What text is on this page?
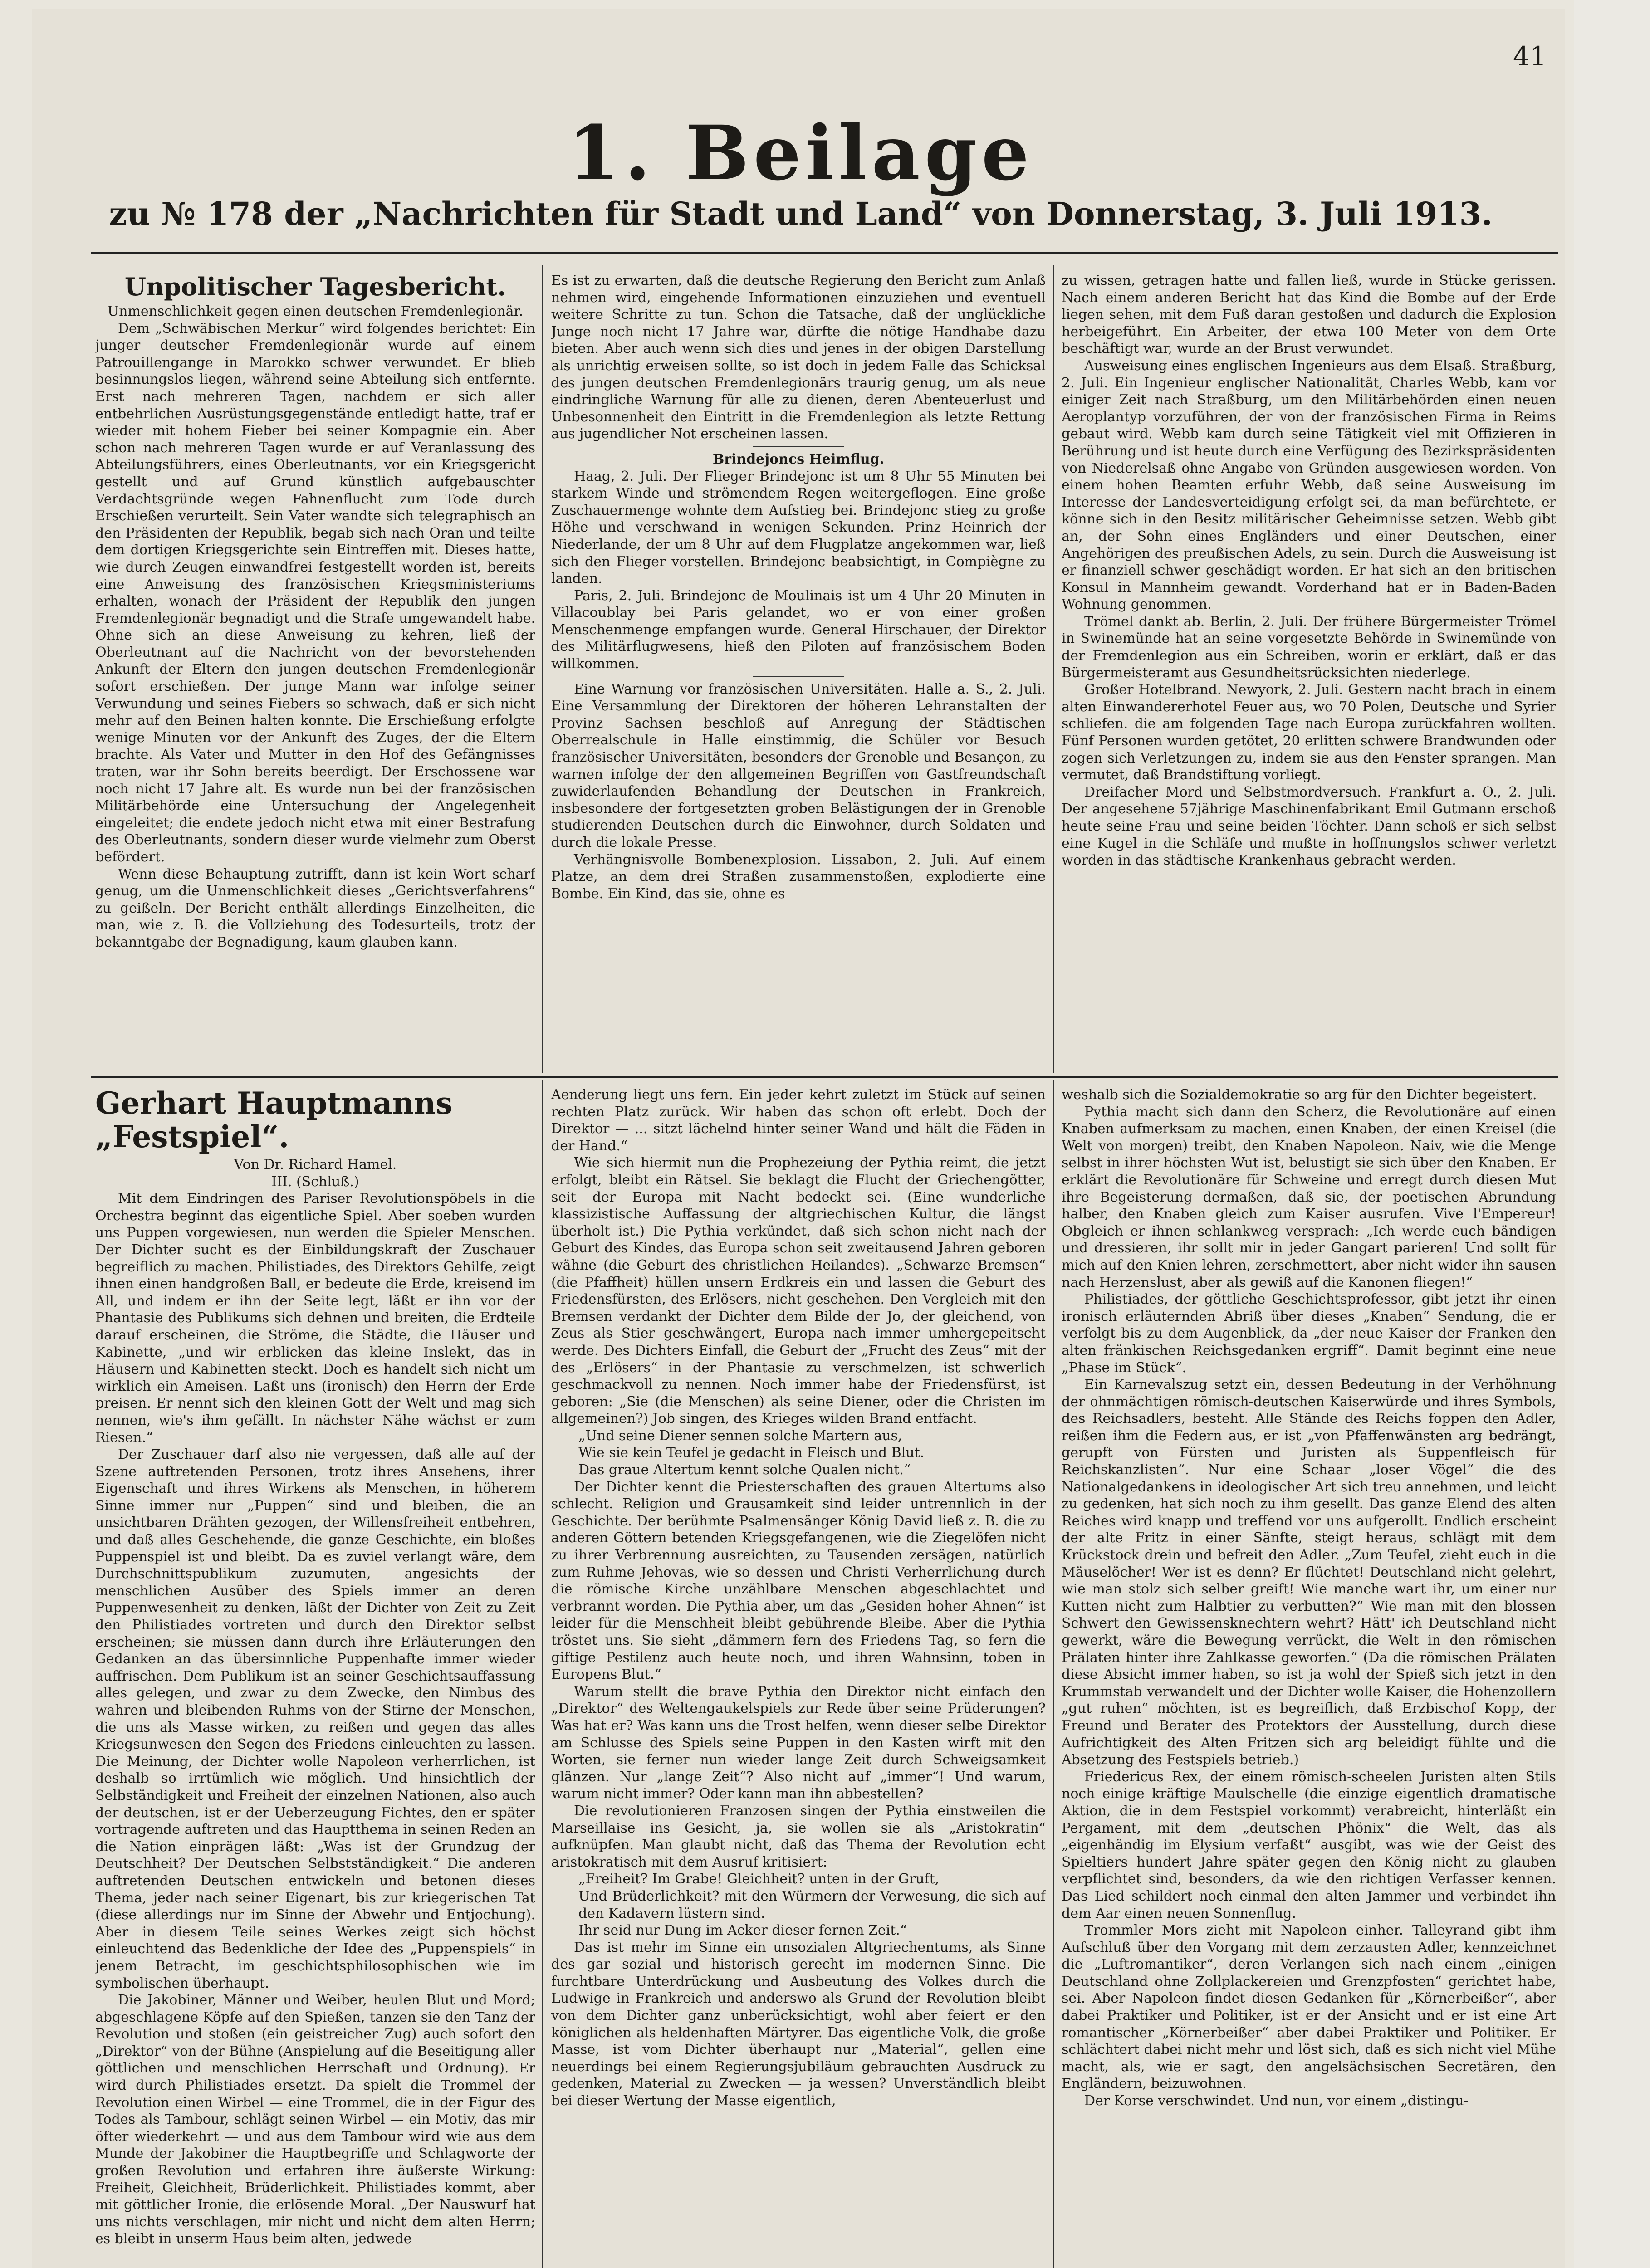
41
1. Beilage
zu № 178 der „Nachrichten für Stadt und Land“ von Donnerstag, 3. Juli 1913.
Unpolitischer Tagesbericht.

Unmenschlichkeit gegen einen deutschen Fremdenlegionär.

Dem „Schwäbischen Merkur“ wird folgendes berichtet: Ein junger deutscher Fremdenlegionär wurde auf einem Patrouillengange in Marokko schwer verwundet. Er blieb besinnungslos liegen, während seine Abteilung sich entfernte. Erst nach mehreren Tagen, nachdem er sich aller entbehrlichen Ausrüstungsgegenstände entledigt hatte, traf er wieder mit hohem Fieber bei seiner Kompagnie ein. Aber schon nach mehreren Tagen wurde er auf Veranlassung des Abteilungsführers, eines Oberleutnants, vor ein Kriegsgericht gestellt und auf Grund künstlich aufgebauschter Verdachtsgründe wegen Fahnenflucht zum Tode durch Erschießen verurteilt. Sein Vater wandte sich telegraphisch an den Präsidenten der Republik, begab sich nach Oran und teilte dem dortigen Kriegsgerichte sein Eintreffen mit. Dieses hatte, wie durch Zeugen einwandfrei festgestellt worden ist, bereits eine Anweisung des französischen Kriegsministeriums erhalten, wonach der Präsident der Republik den jungen Fremdenlegionär begnadigt und die Strafe umgewandelt habe. Ohne sich an diese Anweisung zu kehren, ließ der Oberleutnant auf die Nachricht von der bevorstehenden Ankunft der Eltern den jungen deutschen Fremdenlegionär sofort erschießen. Der junge Mann war infolge seiner Verwundung und seines Fiebers so schwach, daß er sich nicht mehr auf den Beinen halten konnte. Die Erschießung erfolgte wenige Minuten vor der Ankunft des Zuges, der die Eltern brachte. Als Vater und Mutter in den Hof des Gefängnisses traten, war ihr Sohn bereits beerdigt. Der Erschossene war noch nicht 17 Jahre alt. Es wurde nun bei der französischen Militärbehörde eine Untersuchung der Angelegenheit eingeleitet; die endete jedoch nicht etwa mit einer Bestrafung des Oberleutnants, sondern dieser wurde vielmehr zum Oberst befördert.

Wenn diese Behauptung zutrifft, dann ist kein Wort scharf genug, um die Unmenschlichkeit dieses „Gerichtsverfahrens“ zu geißeln. Der Bericht enthält allerdings Einzelheiten, die man, wie z. B. die Vollziehung des Todesurteils, trotz der bekanntgabe der Begnadigung, kaum glauben kann.

Es ist zu erwarten, daß die deutsche Regierung den Bericht zum Anlaß nehmen wird, eingehende Informationen einzuziehen und eventuell weitere Schritte zu tun. Schon die Tatsache, daß der unglückliche Junge noch nicht 17 Jahre war, dürfte die nötige Handhabe dazu bieten. Aber auch wenn sich dies und jenes in der obigen Darstellung als unrichtig erweisen sollte, so ist doch in jedem Falle das Schicksal des jungen deutschen Fremdenlegionärs traurig genug, um als neue eindringliche Warnung für alle zu dienen, deren Abenteuerlust und Unbesonnenheit den Eintritt in die Fremdenlegion als letzte Rettung aus jugendlicher Not erscheinen lassen.

Brindejoncs Heimflug.

Haag, 2. Juli. Der Flieger Brindejonc ist um 8 Uhr 55 Minuten bei starkem Winde und strömendem Regen weitergeflogen. Eine große Zuschauermenge wohnte dem Aufstieg bei. Brindejonc stieg zu große Höhe und verschwand in wenigen Sekunden. Prinz Heinrich der Niederlande, der um 8 Uhr auf dem Flugplatze angekommen war, ließ sich den Flieger vorstellen. Brindejonc beabsichtigt, in Compiègne zu landen.

Paris, 2. Juli. Brindejonc de Moulinais ist um 4 Uhr 20 Minuten in Villacoublay bei Paris gelandet, wo er von einer großen Menschenmenge empfangen wurde. General Hirschauer, der Direktor des Militärflugwesens, hieß den Piloten auf französischem Boden willkommen.

Eine Warnung vor französischen Universitäten. Halle a. S., 2. Juli. Eine Versammlung der Direktoren der höheren Lehranstalten der Provinz Sachsen beschloß auf Anregung der Städtischen Oberrealschule in Halle einstimmig, die Schüler vor Besuch französischer Universitäten, besonders der Grenoble und Besançon, zu warnen infolge der den allgemeinen Begriffen von Gastfreundschaft zuwiderlaufenden Behandlung der Deutschen in Frankreich, insbesondere der fortgesetzten groben Belästigungen der in Grenoble studierenden Deutschen durch die Einwohner, durch Soldaten und durch die lokale Presse.

Verhängnisvolle Bombenexplosion. Lissabon, 2. Juli. Auf einem Platze, an dem drei Straßen zusammenstoßen, explodierte eine Bombe. Ein Kind, das sie, ohne es

zu wissen, getragen hatte und fallen ließ, wurde in Stücke gerissen. Nach einem anderen Bericht hat das Kind die Bombe auf der Erde liegen sehen, mit dem Fuß daran gestoßen und dadurch die Explosion herbeigeführt. Ein Arbeiter, der etwa 100 Meter von dem Orte beschäftigt war, wurde an der Brust verwundet.

Ausweisung eines englischen Ingenieurs aus dem Elsaß. Straßburg, 2. Juli. Ein Ingenieur englischer Nationalität, Charles Webb, kam vor einiger Zeit nach Straßburg, um den Militärbehörden einen neuen Aeroplantyp vorzuführen, der von der französischen Firma in Reims gebaut wird. Webb kam durch seine Tätigkeit viel mit Offizieren in Berührung und ist heute durch eine Verfügung des Bezirkspräsidenten von Niederelsaß ohne Angabe von Gründen ausgewiesen worden. Von einem hohen Beamten erfuhr Webb, daß seine Ausweisung im Interesse der Landesverteidigung erfolgt sei, da man befürchtete, er könne sich in den Besitz militärischer Geheimnisse setzen. Webb gibt an, der Sohn eines Engländers und einer Deutschen, einer Angehörigen des preußischen Adels, zu sein. Durch die Ausweisung ist er finanziell schwer geschädigt worden. Er hat sich an den britischen Konsul in Mannheim gewandt. Vorderhand hat er in Baden-Baden Wohnung genommen.

Trömel dankt ab. Berlin, 2. Juli. Der frühere Bürgermeister Trömel in Swinemünde hat an seine vorgesetzte Behörde in Swinemünde von der Fremdenlegion aus ein Schreiben, worin er erklärt, daß er das Bürgermeisteramt aus Gesundheitsrücksichten niederlege.

Großer Hotelbrand. Newyork, 2. Juli. Gestern nacht brach in einem alten Einwandererhotel Feuer aus, wo 70 Polen, Deutsche und Syrier schliefen. die am folgenden Tage nach Europa zurückfahren wollten. Fünf Personen wurden getötet, 20 erlitten schwere Brandwunden oder zogen sich Verletzungen zu, indem sie aus den Fenster sprangen. Man vermutet, daß Brandstiftung vorliegt.

Dreifacher Mord und Selbstmordversuch. Frankfurt a. O., 2. Juli. Der angesehene 57jährige Maschinenfabrikant Emil Gutmann erschoß heute seine Frau und seine beiden Töchter. Dann schoß er sich selbst eine Kugel in die Schläfe und mußte in hoffnungslos schwer verletzt worden in das städtische Krankenhaus gebracht werden.

Gerhart Hauptmanns „Festspiel“.

Von Dr. Richard Hamel.

III. (Schluß.)

Mit dem Eindringen des Pariser Revolutionspöbels in die Orchestra beginnt das eigentliche Spiel. Aber soeben wurden uns Puppen vorgewiesen, nun werden die Spieler Menschen. Der Dichter sucht es der Einbildungskraft der Zuschauer begreiflich zu machen. Philistiades, des Direktors Gehilfe, zeigt ihnen einen handgroßen Ball, er bedeute die Erde, kreisend im All, und indem er ihn der Seite legt, läßt er ihn vor der Phantasie des Publikums sich dehnen und breiten, die Erdteile darauf erscheinen, die Ströme, die Städte, die Häuser und Kabinette, „und wir erblicken das kleine Inslekt, das in Häusern und Kabinetten steckt. Doch es handelt sich nicht um wirklich ein Ameisen. Laßt uns (ironisch) den Herrn der Erde preisen. Er nennt sich den kleinen Gott der Welt und mag sich nennen, wie's ihm gefällt. In nächster Nähe wächst er zum Riesen.“

Der Zuschauer darf also nie vergessen, daß alle auf der Szene auftretenden Personen, trotz ihres Ansehens, ihrer Eigenschaft und ihres Wirkens als Menschen, in höherem Sinne immer nur „Puppen“ sind und bleiben, die an unsichtbaren Drähten gezogen, der Willensfreiheit entbehren, und daß alles Geschehende, die ganze Geschichte, ein bloßes Puppenspiel ist und bleibt. Da es zuviel verlangt wäre, dem Durchschnittspublikum zuzumuten, angesichts der menschlichen Ausüber des Spiels immer an deren Puppenwesenheit zu denken, läßt der Dichter von Zeit zu Zeit den Philistiades vortreten und durch den Direktor selbst erscheinen; sie müssen dann durch ihre Erläuterungen den Gedanken an das übersinnliche Puppenhafte immer wieder auffrischen. Dem Publikum ist an seiner Geschichtsauffassung alles gelegen, und zwar zu dem Zwecke, den Nimbus des wahren und bleibenden Ruhms von der Stirne der Menschen, die uns als Masse wirken, zu reißen und gegen das alles Kriegsunwesen den Segen des Friedens einleuchten zu lassen. Die Meinung, der Dichter wolle Napoleon verherrlichen, ist deshalb so irrtümlich wie möglich. Und hinsichtlich der Selbständigkeit und Freiheit der einzelnen Nationen, also auch der deutschen, ist er der Ueberzeugung Fichtes, den er später vortragende auftreten und das Hauptthema in seinen Reden an die Nation einprägen läßt: „Was ist der Grundzug der Deutschheit? Der Deutschen Selbstständigkeit.“ Die anderen auftretenden Deutschen entwickeln und betonen dieses Thema, jeder nach seiner Eigenart, bis zur kriegerischen Tat (diese allerdings nur im Sinne der Abwehr und Entjochung). Aber in diesem Teile seines Werkes zeigt sich höchst einleuchtend das Bedenkliche der Idee des „Puppenspiels“ in jenem Betracht, im geschichtsphilosophischen wie im symbolischen überhaupt.

Die Jakobiner, Männer und Weiber, heulen Blut und Mord; abgeschlagene Köpfe auf den Spießen, tanzen sie den Tanz der Revolution und stoßen (ein geistreicher Zug) auch sofort den „Direktor“ von der Bühne (Anspielung auf die Beseitigung aller göttlichen und menschlichen Herrschaft und Ordnung). Er wird durch Philistiades ersetzt. Da spielt die Trommel der Revolution einen Wirbel — eine Trommel, die in der Figur des Todes als Tambour, schlägt seinen Wirbel — ein Motiv, das mir öfter wiederkehrt — und aus dem Tambour wird wie aus dem Munde der Jakobiner die Hauptbegriffe und Schlagworte der großen Revolution und erfahren ihre äußerste Wirkung: Freiheit, Gleichheit, Brüderlichkeit. Philistiades kommt, aber mit göttlicher Ironie, die erlösende Moral. „Der Nauswurf hat uns nichts verschlagen, mir nicht und nicht dem alten Herrn; es bleibt in unserm Haus beim alten, jedwede

Aenderung liegt uns fern. Ein jeder kehrt zuletzt im Stück auf seinen rechten Platz zurück. Wir haben das schon oft erlebt. Doch der Direktor — ... sitzt lächelnd hinter seiner Wand und hält die Fäden in der Hand.“

Wie sich hiermit nun die Prophezeiung der Pythia reimt, die jetzt erfolgt, bleibt ein Rätsel. Sie beklagt die Flucht der Griechengötter, seit der Europa mit Nacht bedeckt sei. (Eine wunderliche klassizistische Auffassung der altgriechischen Kultur, die längst überholt ist.) Die Pythia verkündet, daß sich schon nicht nach der Geburt des Kindes, das Europa schon seit zweitausend Jahren geboren wähne (die Geburt des christlichen Heilandes). „Schwarze Bremsen“ (die Pfaffheit) hüllen unsern Erdkreis ein und lassen die Geburt des Friedensfürsten, des Erlösers, nicht geschehen. Den Vergleich mit den Bremsen verdankt der Dichter dem Bilde der Jo, der gleichend, von Zeus als Stier geschwängert, Europa nach immer umhergepeitscht werde. Des Dichters Einfall, die Geburt der „Frucht des Zeus“ mit der des „Erlösers“ in der Phantasie zu verschmelzen, ist schwerlich geschmackvoll zu nennen. Noch immer habe der Friedensfürst, ist geboren: „Sie (die Menschen) als seine Diener, oder die Christen im allgemeinen?) Job singen, des Krieges wilden Brand entfacht.

„Und seine Diener sennen solche Martern aus,

Wie sie kein Teufel je gedacht in Fleisch und Blut.

Das graue Altertum kennt solche Qualen nicht.“

Der Dichter kennt die Priesterschaften des grauen Altertums also schlecht. Religion und Grausamkeit sind leider untrennlich in der Geschichte. Der berühmte Psalmensänger König David ließ z. B. die zu anderen Göttern betenden Kriegsgefangenen, wie die Ziegelöfen nicht zu ihrer Verbrennung ausreichten, zu Tausenden zersägen, natürlich zum Ruhme Jehovas, wie so dessen und Christi Verherrlichung durch die römische Kirche unzählbare Menschen abgeschlachtet und verbrannt worden. Die Pythia aber, um das „Gesiden hoher Ahnen“ ist leider für die Menschheit bleibt gebührende Bleibe. Aber die Pythia tröstet uns. Sie sieht „dämmern fern des Friedens Tag, so fern die giftige Pestilenz auch heute noch, und ihren Wahnsinn, toben in Europens Blut.“

Warum stellt die brave Pythia den Direktor nicht einfach den „Direktor“ des Weltengaukelspiels zur Rede über seine Prüderungen? Was hat er? Was kann uns die Trost helfen, wenn dieser selbe Direktor am Schlusse des Spiels seine Puppen in den Kasten wirft mit den Worten, sie ferner nun wieder lange Zeit durch Schweigsamkeit glänzen. Nur „lange Zeit“? Also nicht auf „immer“! Und warum, warum nicht immer? Oder kann man ihn abbestellen?

Die revolutionieren Franzosen singen der Pythia einstweilen die Marseillaise ins Gesicht, ja, sie wollen sie als „Aristokratin“ aufknüpfen. Man glaubt nicht, daß das Thema der Revolution echt aristokratisch mit dem Ausruf kritisiert:

„Freiheit? Im Grabe! Gleichheit? unten in der Gruft,

Und Brüderlichkeit? mit den Würmern der Verwesung, die sich auf den Kadavern lüstern sind.

Ihr seid nur Dung im Acker dieser fernen Zeit.“

Das ist mehr im Sinne ein unsozialen Altgriechentums, als Sinne des gar sozial und historisch gerecht im modernen Sinne. Die furchtbare Unterdrückung und Ausbeutung des Volkes durch die Ludwige in Frankreich und anderswo als Grund der Revolution bleibt von dem Dichter ganz unberücksichtigt, wohl aber feiert er den königlichen als heldenhaften Märtyrer. Das eigentliche Volk, die große Masse, ist vom Dichter überhaupt nur „Material“, gellen eine neuerdings bei einem Regierungsjubiläum gebrauchten Ausdruck zu gedenken, Material zu Zwecken — ja wessen? Unverständlich bleibt bei dieser Wertung der Masse eigentlich,

weshalb sich die Sozialdemokratie so arg für den Dichter begeistert.

Pythia macht sich dann den Scherz, die Revolutionäre auf einen Knaben aufmerksam zu machen, einen Knaben, der einen Kreisel (die Welt von morgen) treibt, den Knaben Napoleon. Naiv, wie die Menge selbst in ihrer höchsten Wut ist, belustigt sie sich über den Knaben. Er erklärt die Revolutionäre für Schweine und erregt durch diesen Mut ihre Begeisterung dermaßen, daß sie, der poetischen Abrundung halber, den Knaben gleich zum Kaiser ausrufen. Vive l'Empereur! Obgleich er ihnen schlankweg versprach: „Ich werde euch bändigen und dressieren, ihr sollt mir in jeder Gangart parieren! Und sollt für mich auf den Knien lehren, zerschmettert, aber nicht wider ihn sausen nach Herzenslust, aber als gewiß auf die Kanonen fliegen!“

Philistiades, der göttliche Geschichtsprofessor, gibt jetzt ihr einen ironisch erläuternden Abriß über dieses „Knaben“ Sendung, die er verfolgt bis zu dem Augenblick, da „der neue Kaiser der Franken den alten fränkischen Reichsgedanken ergriff“. Damit beginnt eine neue „Phase im Stück“.

Ein Karnevalszug setzt ein, dessen Bedeutung in der Verhöhnung der ohnmächtigen römisch-deutschen Kaiserwürde und ihres Symbols, des Reichsadlers, besteht. Alle Stände des Reichs foppen den Adler, reißen ihm die Federn aus, er ist „von Pfaffenwänsten arg bedrängt, gerupft von Fürsten und Juristen als Suppenfleisch für Reichskanzlisten“. Nur eine Schaar „loser Vögel“ die des Nationalgedankens in ideologischer Art sich treu annehmen, und leicht zu gedenken, hat sich noch zu ihm gesellt. Das ganze Elend des alten Reiches wird knapp und treffend vor uns aufgerollt. Endlich erscheint der alte Fritz in einer Sänfte, steigt heraus, schlägt mit dem Krückstock drein und befreit den Adler. „Zum Teufel, zieht euch in die Mäuselöcher! Wer ist es denn? Er flüchtet! Deutschland nicht gelehrt, wie man stolz sich selber greift! Wie manche wart ihr, um einer nur Kutten nicht zum Halbtier zu verbutten?“ Wie man mit den blossen Schwert den Gewissensknechtern wehrt? Hätt' ich Deutschland nicht gewerkt, wäre die Bewegung verrückt, die Welt in den römischen Prälaten hinter ihre Zahlkasse geworfen.“ (Da die römischen Prälaten diese Absicht immer haben, so ist ja wohl der Spieß sich jetzt in den Krummstab verwandelt und der Dichter wolle Kaiser, die Hohenzollern „gut ruhen“ möchten, ist es begreiflich, daß Erzbischof Kopp, der Freund und Berater des Protektors der Ausstellung, durch diese Aufrichtigkeit des Alten Fritzen sich arg beleidigt fühlte und die Absetzung des Festspiels betrieb.)

Friedericus Rex, der einem römisch-scheelen Juristen alten Stils noch einige kräftige Maulschelle (die einzige eigentlich dramatische Aktion, die in dem Festspiel vorkommt) verabreicht, hinterläßt ein Pergament, mit dem „deutschen Phönix“ die Welt, das als „eigenhändig im Elysium verfaßt“ ausgibt, was wie der Geist des Spieltiers hundert Jahre später gegen den König nicht zu glauben verpflichtet sind, besonders, da wie den richtigen Verfasser kennen. Das Lied schildert noch einmal den alten Jammer und verbindet ihn dem Aar einen neuen Sonnenflug.

Trommler Mors zieht mit Napoleon einher. Talleyrand gibt ihm Aufschluß über den Vorgang mit dem zerzausten Adler, kennzeichnet die „Luftromantiker“, deren Verlangen sich nach einem „einigen Deutschland ohne Zollplackereien und Grenzpfosten“ gerichtet habe, sei. Aber Napoleon findet diesen Gedanken für „Körnerbeißer“, aber dabei Praktiker und Politiker, ist er der Ansicht und er ist eine Art romantischer „Körnerbeißer“ aber dabei Praktiker und Politiker. Er schlächtert dabei nicht mehr und löst sich, daß es sich nicht viel Mühe macht, als, wie er sagt, den angelsächsischen Secretären, den Engländern, beizuwohnen.

Der Korse verschwindet. Und nun, vor einem „distingu-
